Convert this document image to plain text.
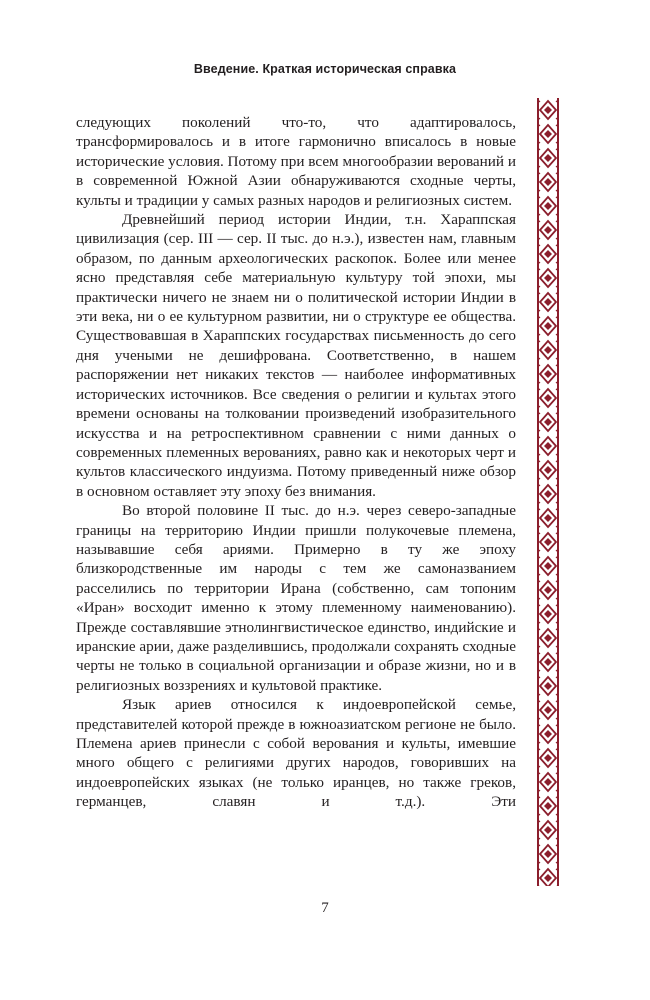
Введение. Краткая историческая справка

следующих поколений что-то, что адаптировалось, трансформировалось и в итоге гармонично вписалось в новые исторические условия. Потому при всем многообразии верований и в современной Южной Азии обнаруживаются сходные черты, культы и традиции у самых разных народов и религиозных систем.

Древнейший период истории Индии, т.н. Хараппская цивилизация (сер. III — сер. II тыс. до н.э.), известен нам, главным образом, по данным археологических раскопок. Более или менее ясно представляя себе материальную культуру той эпохи, мы практически ничего не знаем ни о политической истории Индии в эти века, ни о ее культурном развитии, ни о структуре ее общества. Существовавшая в Хараппских государствах письменность до сего дня учеными не дешифрована. Соответственно, в нашем распоряжении нет никаких текстов — наиболее информативных исторических источников. Все сведения о религии и культах этого времени основаны на толковании произведений изобразительного искусства и на ретроспективном сравнении с ними данных о современных племенных верованиях, равно как и некоторых черт и культов классического индуизма. Потому приведенный ниже обзор в основном оставляет эту эпоху без внимания.

Во второй половине II тыс. до н.э. через северо-западные границы на территорию Индии пришли полукочевые племена, называвшие себя ариями. Примерно в ту же эпоху близкородственные им народы с тем же самоназванием расселились по территории Ирана (собственно, сам топоним «Иран» восходит именно к этому племенному наименованию). Прежде составлявшие этнолингвистическое единство, индийские и иранские арии, даже разделившись, продолжали сохранять сходные черты не только в социальной организации и образе жизни, но и в религиозных воззрениях и культовой практике.

Язык ариев относился к индоевропейской семье, представителей которой прежде в южноазиатском регионе не было. Племена ариев принесли с собой верования и культы, имевшие много общего с религиями других народов, говоривших на индоевропейских языках (не только иранцев, но также греков, германцев, славян и т.д.). Эти

7
